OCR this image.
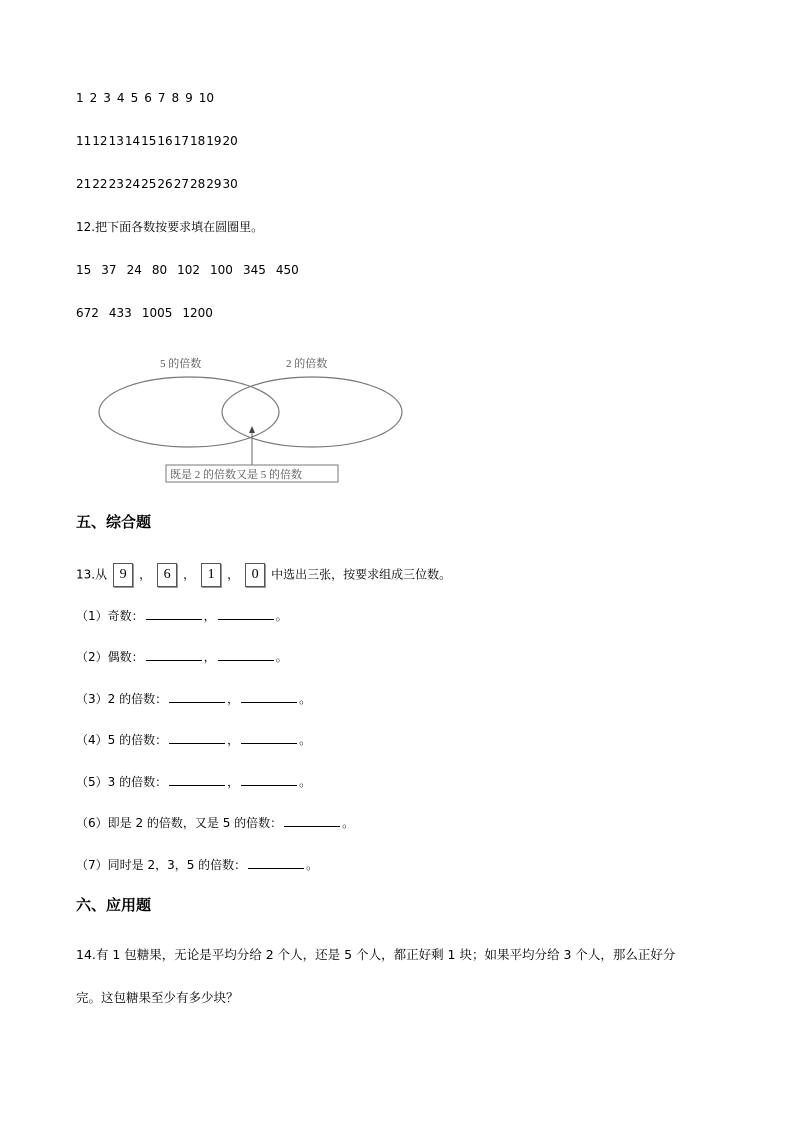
1 2 3 4 5 6 7 8 9 10
11121314151617181920
21222324252627282930
12.把下面各数按要求填在圆圈里。
15 37 24 80 102 100 345 450
672 433 1005 1200
5 的倍数	2 的倍数
既是 2 的倍数又是 5 的倍数
五、综合题
13.从 9 ， 6 ， 1 ， 0 中选出三张，按要求组成三位数。
（1）奇数：	，	。
（2）偶数：	，	。
（3）2 的倍数：	，	。
（4）5 的倍数：	，	。
（5）3 的倍数：	，	。
（6）即是 2 的倍数，又是 5 的倍数：	。
（7）同时是 2，3，5 的倍数：	。
六、应用题
14.有 1 包糖果，无论是平均分给 2 个人，还是 5 个人，都正好剩 1 块；如果平均分给 3 个人，那么正好分
完。这包糖果至少有多少块？
